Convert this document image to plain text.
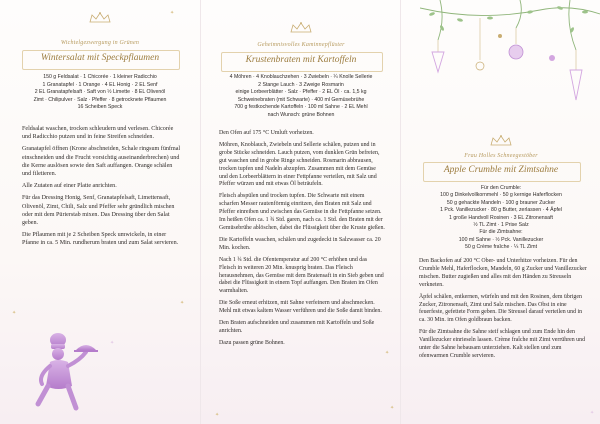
✦
✦
✦
✦
✦
✦
✦
✦
Wichtelgezwergung in Grünen
Wintersalat mit Speckpflaumen
150 g Feldsalat · 1 Chicorée · 1 kleiner Radicchio
1 Granatapfel · 1 Orange · 4 EL Honig · 2 EL Senf
2 EL Granatapfelsaft · Saft von ½ Limette · 8 EL Olivenöl
Zimt · Chilipulver · Salz · Pfeffer · 8 getrocknete Pflaumen
16 Scheiben Speck

Feldsalat waschen, trocken schleudern und verlesen. Chicorée und Radicchio putzen und in feine Streifen schneiden.

Granatapfel öffnen (Krone abschneiden, Schale ringsum fünfmal einschneiden und die Frucht vorsichtig auseinanderbrechen) und die Kerne auslösen sowie den Saft auffangen. Orange schälen und filetieren.

Alle Zutaten auf einer Platte anrichten.

Für das Dressing Honig, Senf, Granatapfelsaft, Limettensaft, Olivenöl, Zimt, Chili, Salz und Pfeffer sehr gründlich mischen oder mit dem Pürierstab mixen. Das Dressing über den Salat geben.

Die Pflaumen mit je 2 Scheiben Speck umwickeln, in einer Pfanne in ca. 5 Min. rundherum braten und zum Salat servieren.

Geheimnisvolles Kaminnepflüster
Krustenbraten mit Kartoffeln
4 Möhren · 4 Knoblauchzehen · 3 Zwiebeln · ¼ Knolle Sellerie
2 Stange Lauch · 3 Zweige Rosmarin
einige Lorbeerblätter · Salz · Pfeffer · 2 EL Öl · ca. 1,5 kg
Schweinebraten (mit Schwarte) · 400 ml Gemüsebrühe
700 g festkochende Kartoffeln · 100 ml Sahne · 2 EL Mehl
nach Wunsch: grüne Bohnen

Den Ofen auf 175 °C Umluft vorheizen.

Möhren, Knoblauch, Zwiebeln und Sellerie schälen, putzen und in grobe Stücke schneiden. Lauch putzen, vom dunklen Grün befreien, gut waschen und in grobe Ringe schneiden. Rosmarin abbrausen, trocken tupfen und Nadeln abzupfen. Zusammen mit dem Gemüse und den Lorbeerblättern in einer Fettpfanne verteilen, mit Salz und Pfeffer würzen und mit etwas Öl beträufeln.

Fleisch abspülen und trocken tupfen. Die Schwarte mit einem scharfen Messer rautenförmig einritzen, den Braten mit Salz und Pfeffer einreiben und zwischen das Gemüse in die Fettpfanne setzen. Im heißen Ofen ca. 1 ¾ Std. garen, nach ca. 1 Std. den Braten mit der Gemüsebrühe ablöschen, dabei die Flüssigkeit über die Kruste gießen.

Die Kartoffeln waschen, schälen und zugedeckt in Salzwasser ca. 20 Min. kochen.

Nach 1 ¾ Std. die Ofentemperatur auf 200 °C erhöhen und das Fleisch in weiteren 20 Min. knusprig braten. Das Fleisch herausnehmen, das Gemüse mit dem Bratensaft in ein Sieb geben und dabei die Flüssigkeit in einem Topf auffangen. Den Braten im Ofen warmhalten.

Die Soße erneut erhitzen, mit Sahne verfeinern und abschmecken. Mehl mit etwas kaltem Wasser verführen und die Soße damit binden.

Den Braten aufschneiden und zusammen mit Kartoffeln und Soße anrichten.

Dazu passen grüne Bohnen.

Frau Holles Schneegestöber
Apple Crumble mit Zimtsahne
Für den Crumble:
100 g Dinkelvollkornmehl · 50 g kernige Haferflocken
50 g gehackte Mandeln · 100 g brauner Zucker
1 Pck. Vanillezucker · 80 g Butter, zerlassen · 4 Äpfel
1 große Handvoll Rosinen · 3 EL Zitronensaft
½ TL Zimt · 1 Prise Salz
Für die Zimtsahne:
100 ml Sahne · ½ Pck. Vanillezucker
50 g Crème fraîche · ¼ TL Zimt

Den Backofen auf 200 °C Ober- und Unterhitze vorheizen. Für den Crumble Mehl, Haferflocken, Mandeln, 60 g Zucker und Vanillezucker mischen. Butter zugießen und alles mit den Händen zu Streuseln verkneten.

Äpfel schälen, entkernen, würfeln und mit den Rosinen, dem übrigen Zucker, Zitronensaft, Zimt und Salz mischen. Das Obst in eine feuerfeste, gefettete Form geben. Die Streusel darauf verteilen und in ca. 30 Min. im Ofen goldbraun backen.

Für die Zimtsahne die Sahne steif schlagen und zum Ende hin den Vanillezucker einrieseln lassen. Crème fraîche mit Zimt verrühren und unter die Sahne hebausam unterziehen. Kalt stellen und zum ofenwarmen Crumble servieren.
